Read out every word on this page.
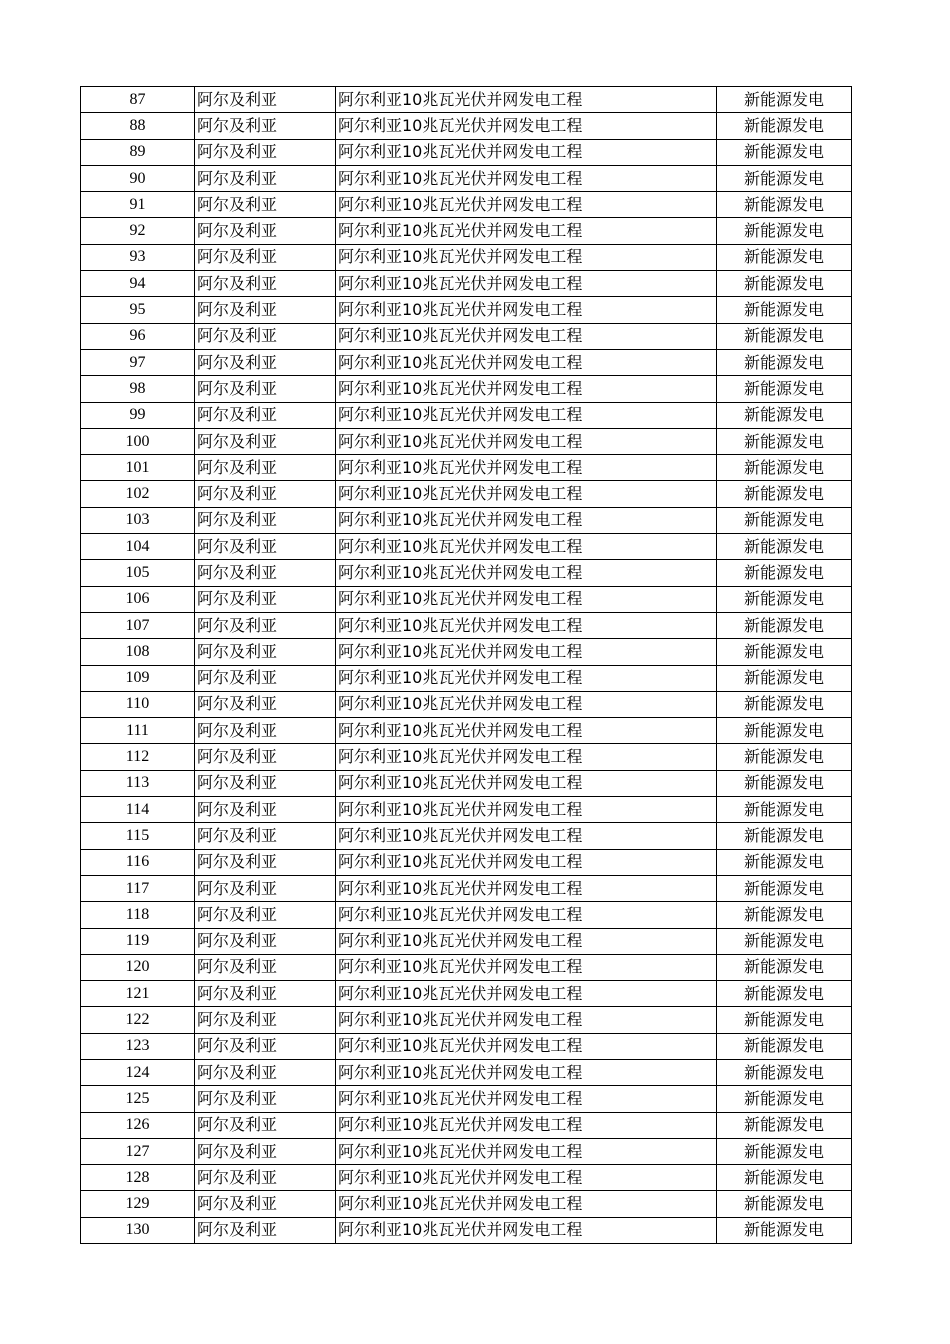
87	阿尔及利亚	阿尔利亚10兆瓦光伏并网发电工程	新能源发电
88	阿尔及利亚	阿尔利亚10兆瓦光伏并网发电工程	新能源发电
89	阿尔及利亚	阿尔利亚10兆瓦光伏并网发电工程	新能源发电
90	阿尔及利亚	阿尔利亚10兆瓦光伏并网发电工程	新能源发电
91	阿尔及利亚	阿尔利亚10兆瓦光伏并网发电工程	新能源发电
92	阿尔及利亚	阿尔利亚10兆瓦光伏并网发电工程	新能源发电
93	阿尔及利亚	阿尔利亚10兆瓦光伏并网发电工程	新能源发电
94	阿尔及利亚	阿尔利亚10兆瓦光伏并网发电工程	新能源发电
95	阿尔及利亚	阿尔利亚10兆瓦光伏并网发电工程	新能源发电
96	阿尔及利亚	阿尔利亚10兆瓦光伏并网发电工程	新能源发电
97	阿尔及利亚	阿尔利亚10兆瓦光伏并网发电工程	新能源发电
98	阿尔及利亚	阿尔利亚10兆瓦光伏并网发电工程	新能源发电
99	阿尔及利亚	阿尔利亚10兆瓦光伏并网发电工程	新能源发电
100	阿尔及利亚	阿尔利亚10兆瓦光伏并网发电工程	新能源发电
101	阿尔及利亚	阿尔利亚10兆瓦光伏并网发电工程	新能源发电
102	阿尔及利亚	阿尔利亚10兆瓦光伏并网发电工程	新能源发电
103	阿尔及利亚	阿尔利亚10兆瓦光伏并网发电工程	新能源发电
104	阿尔及利亚	阿尔利亚10兆瓦光伏并网发电工程	新能源发电
105	阿尔及利亚	阿尔利亚10兆瓦光伏并网发电工程	新能源发电
106	阿尔及利亚	阿尔利亚10兆瓦光伏并网发电工程	新能源发电
107	阿尔及利亚	阿尔利亚10兆瓦光伏并网发电工程	新能源发电
108	阿尔及利亚	阿尔利亚10兆瓦光伏并网发电工程	新能源发电
109	阿尔及利亚	阿尔利亚10兆瓦光伏并网发电工程	新能源发电
110	阿尔及利亚	阿尔利亚10兆瓦光伏并网发电工程	新能源发电
111	阿尔及利亚	阿尔利亚10兆瓦光伏并网发电工程	新能源发电
112	阿尔及利亚	阿尔利亚10兆瓦光伏并网发电工程	新能源发电
113	阿尔及利亚	阿尔利亚10兆瓦光伏并网发电工程	新能源发电
114	阿尔及利亚	阿尔利亚10兆瓦光伏并网发电工程	新能源发电
115	阿尔及利亚	阿尔利亚10兆瓦光伏并网发电工程	新能源发电
116	阿尔及利亚	阿尔利亚10兆瓦光伏并网发电工程	新能源发电
117	阿尔及利亚	阿尔利亚10兆瓦光伏并网发电工程	新能源发电
118	阿尔及利亚	阿尔利亚10兆瓦光伏并网发电工程	新能源发电
119	阿尔及利亚	阿尔利亚10兆瓦光伏并网发电工程	新能源发电
120	阿尔及利亚	阿尔利亚10兆瓦光伏并网发电工程	新能源发电
121	阿尔及利亚	阿尔利亚10兆瓦光伏并网发电工程	新能源发电
122	阿尔及利亚	阿尔利亚10兆瓦光伏并网发电工程	新能源发电
123	阿尔及利亚	阿尔利亚10兆瓦光伏并网发电工程	新能源发电
124	阿尔及利亚	阿尔利亚10兆瓦光伏并网发电工程	新能源发电
125	阿尔及利亚	阿尔利亚10兆瓦光伏并网发电工程	新能源发电
126	阿尔及利亚	阿尔利亚10兆瓦光伏并网发电工程	新能源发电
127	阿尔及利亚	阿尔利亚10兆瓦光伏并网发电工程	新能源发电
128	阿尔及利亚	阿尔利亚10兆瓦光伏并网发电工程	新能源发电
129	阿尔及利亚	阿尔利亚10兆瓦光伏并网发电工程	新能源发电
130	阿尔及利亚	阿尔利亚10兆瓦光伏并网发电工程	新能源发电
